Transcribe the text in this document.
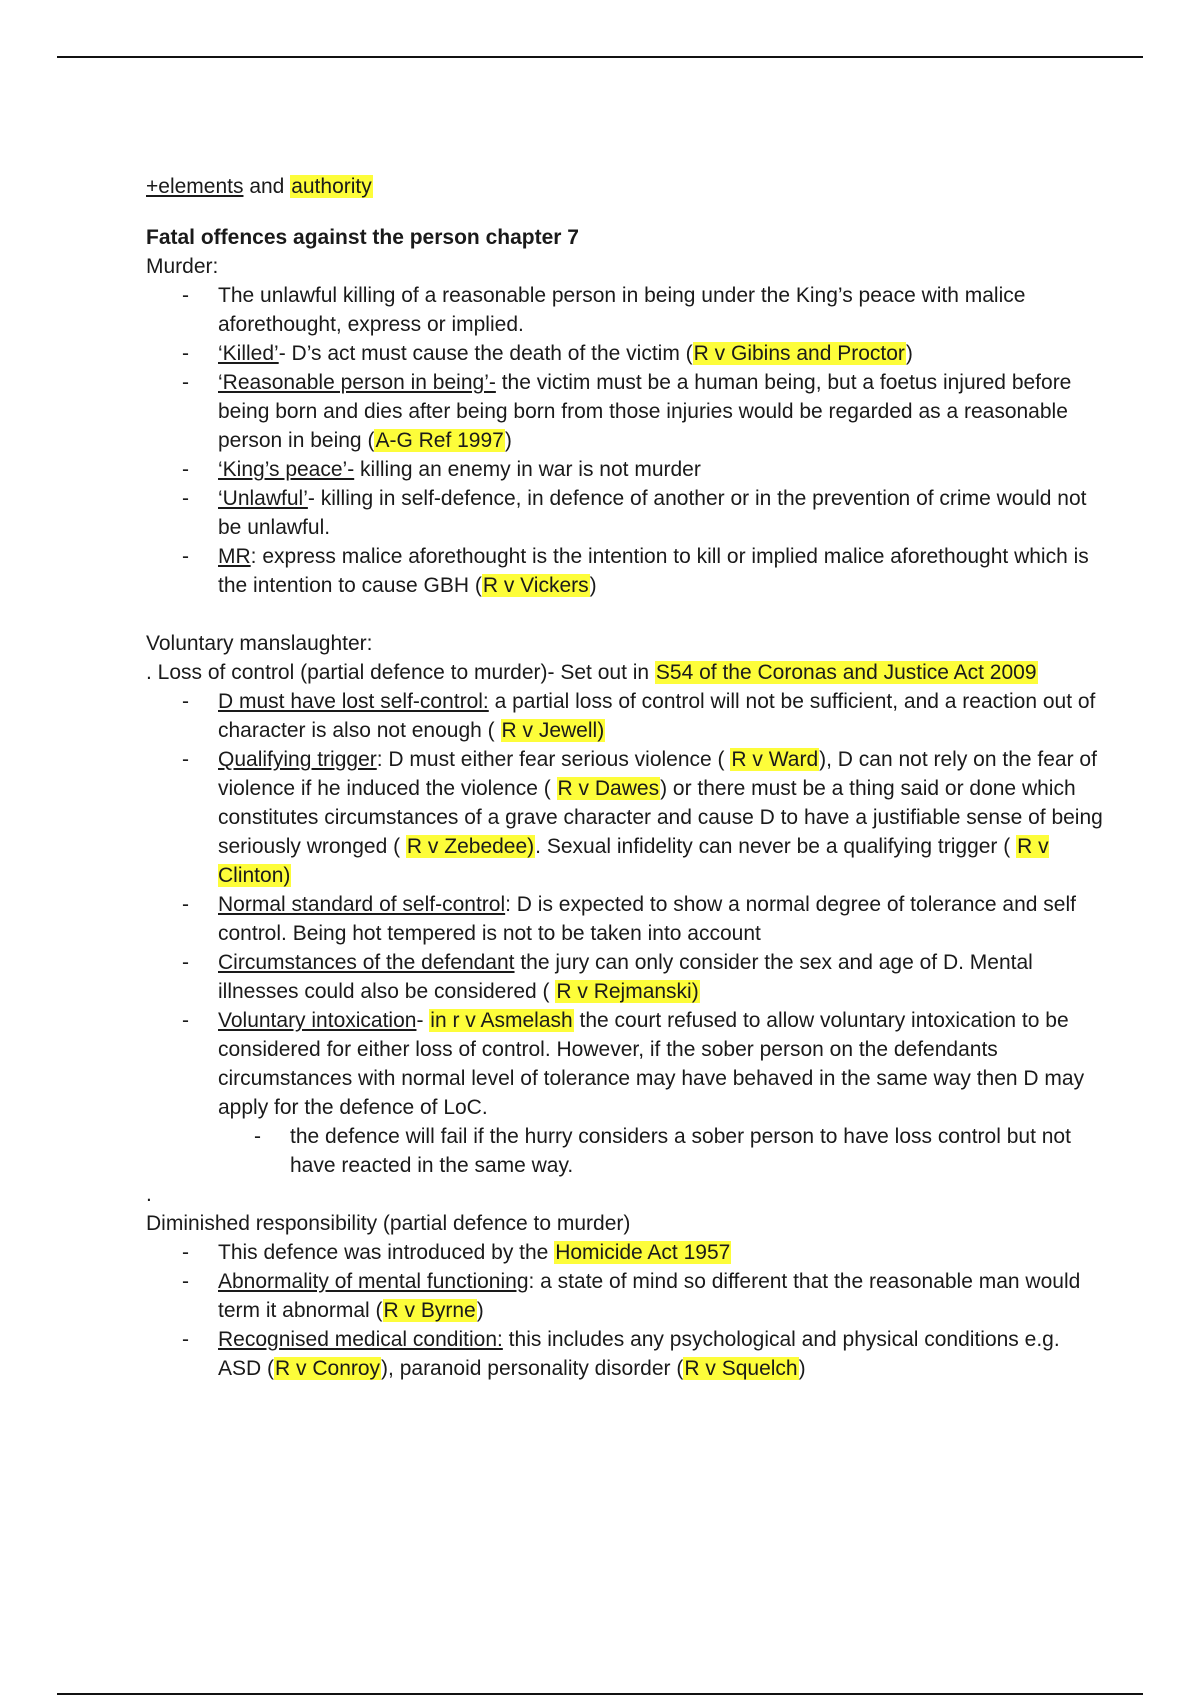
+elements and authority

Fatal offences against the person chapter 7

Murder:

- The unlawful killing of a reasonable person in being under the King’s peace with malice aforethought, express or implied.
- ‘Killed’- D’s act must cause the death of the victim (R v Gibins and Proctor)
- ‘Reasonable person in being’- the victim must be a human being, but a foetus injured before being born and dies after being born from those injuries would be regarded as a reasonable person in being (A-G Ref 1997)
- ‘King’s peace’- killing an enemy in war is not murder
- ‘Unlawful’- killing in self-defence, in defence of another or in the prevention of crime would not be unlawful.
- MR: express malice aforethought is the intention to kill or implied malice aforethought which is the intention to cause GBH (R v Vickers)

Voluntary manslaughter:

. Loss of control (partial defence to murder)- Set out in S54 of the Coronas and Justice Act 2009

- D must have lost self-control: a partial loss of control will not be sufficient, and a reaction out of character is also not enough ( R v Jewell)
- Qualifying trigger: D must either fear serious violence ( R v Ward), D can not rely on the fear of violence if he induced the violence ( R v Dawes) or there must be a thing said or done which constitutes circumstances of a grave character and cause D to have a justifiable sense of being seriously wronged ( R v Zebedee). Sexual infidelity can never be a qualifying trigger ( R v Clinton)
- Normal standard of self-control: D is expected to show a normal degree of tolerance and self control. Being hot tempered is not to be taken into account
- Circumstances of the defendant the jury can only consider the sex and age of D. Mental illnesses could also be considered ( R v Rejmanski)
- Voluntary intoxication- in r v Asmelash the court refused to allow voluntary intoxication to be considered for either loss of control. However, if the sober person on the defendants circumstances with normal level of tolerance may have behaved in the same way then D may apply for the defence of LoC.
- the defence will fail if the hurry considers a sober person to have loss control but not have reacted in the same way.

.

Diminished responsibility (partial defence to murder)

- This defence was introduced by the Homicide Act 1957
- Abnormality of mental functioning: a state of mind so different that the reasonable man would term it abnormal (R v Byrne)
- Recognised medical condition: this includes any psychological and physical conditions e.g. ASD (R v Conroy), paranoid personality disorder (R v Squelch)
